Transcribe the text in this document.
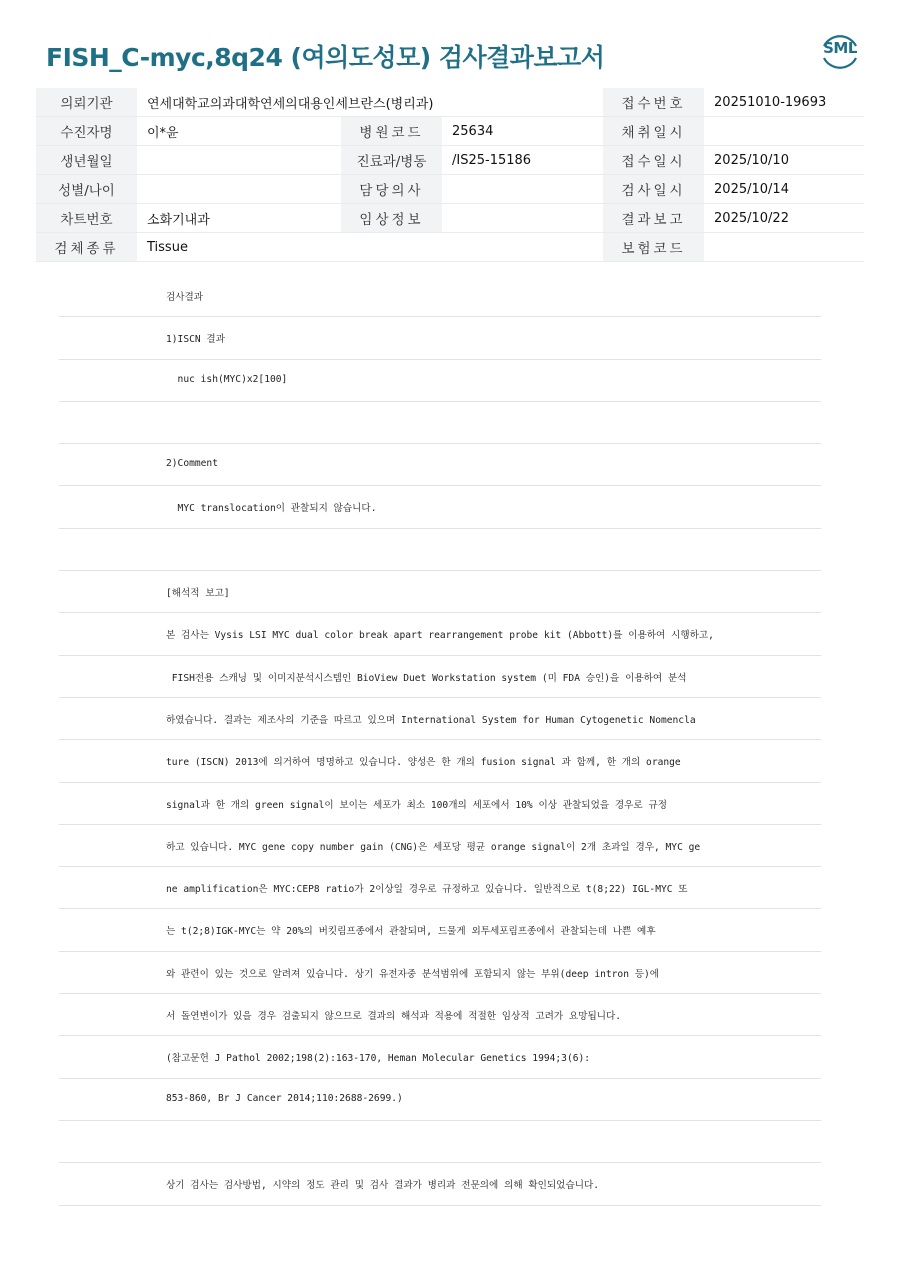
FISH_C-myc,8q24 (여의도성모) 검사결과보고서	SML
의뢰기관	연세대학교의과대학연세의대용인세브란스(병리과)			접수번호	20251010-19693
수진자명	이*윤	병원코드	25634	채취일시	
생년월일		진료과/병동	/IS25-15186	접수일시	2025/10/10
성별/나이		담당의사		검사일시	2025/10/14
차트번호	소화기내과	임상정보		결과보고	2025/10/22
검체종류	Tissue			보험코드	
검사결과
1)ISCN 결과
nuc ish(MYC)x2[100]
2)Comment
MYC translocation이 관찰되지 않습니다.
[해석적 보고]
본 검사는 Vysis LSI MYC dual color break apart rearrangement probe kit (Abbott)를 이용하여 시행하고,
FISH전용 스캐닝 및 이미지분석시스템인 BioView Duet Workstation system (미 FDA 승인)을 이용하여 분석
하였습니다. 결과는 제조사의 기준을 따르고 있으며 International System for Human Cytogenetic Nomencla
ture (ISCN) 2013에 의거하여 명명하고 있습니다. 양성은 한 개의 fusion signal 과 함께, 한 개의 orange
signal과 한 개의 green signal이 보이는 세포가 최소 100개의 세포에서 10% 이상 관찰되었을 경우로 규정
하고 있습니다. MYC gene copy number gain (CNG)은 세포당 평균 orange signal이 2개 초과일 경우, MYC ge
ne amplification은 MYC:CEP8 ratio가 2이상일 경우로 규정하고 있습니다. 일반적으로 t(8;22) IGL-MYC 또
는 t(2;8)IGK-MYC는 약 20%의 버킷림프종에서 관찰되며, 드물게 외투세포림프종에서 관찰되는데 나쁜 예후
와 관련이 있는 것으로 알려져 있습니다. 상기 유전자중 분석범위에 포함되지 않는 부위(deep intron 등)에
서 돌연변이가 있을 경우 검출되지 않으므로 결과의 해석과 적용에 적절한 임상적 고려가 요망됩니다.
(참고문헌 J Pathol 2002;198(2):163-170, Heman Molecular Genetics 1994;3(6):
853-860, Br J Cancer 2014;110:2688-2699.)
상기 검사는 검사방법, 시약의 정도 관리 및 검사 결과가 병리과 전문의에 의해 확인되었습니다.
